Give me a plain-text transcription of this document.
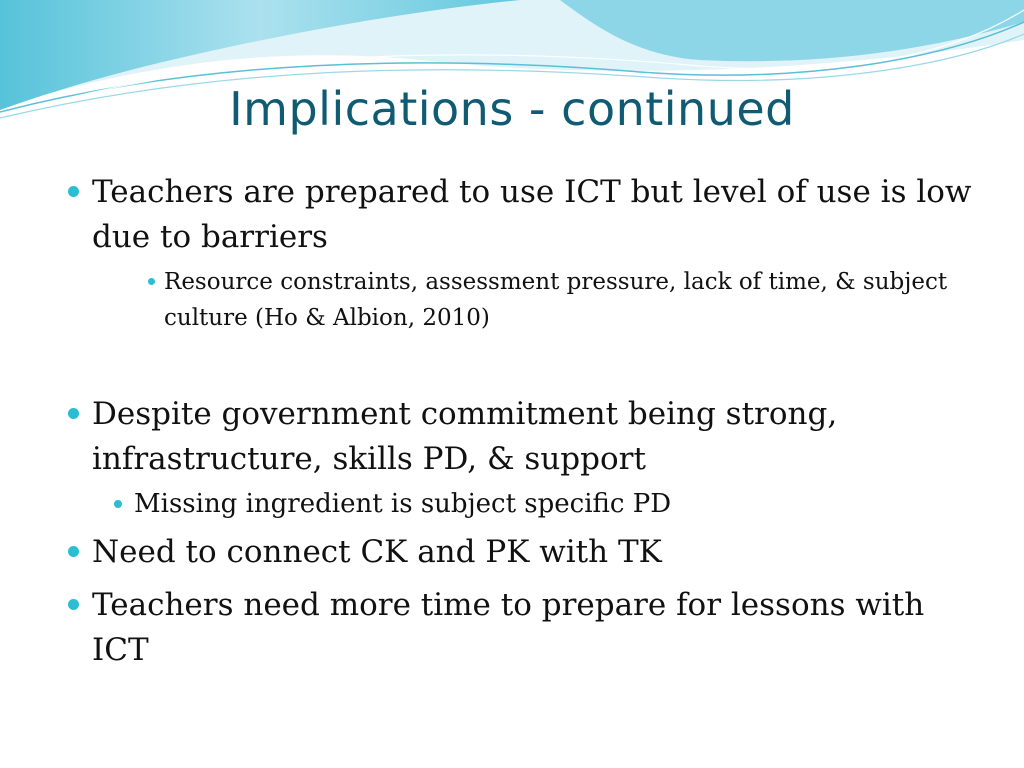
Implications - continued
Teachers are prepared to use ICT but level of use is low due to barriers
Resource constraints, assessment pressure, lack of time, & subject culture (Ho & Albion, 2010)
Despite government commitment being strong, infrastructure, skills PD, & support
Missing ingredient is subject specific PD
Need to connect CK and PK with TK
Teachers need more time to prepare for lessons with ICT
